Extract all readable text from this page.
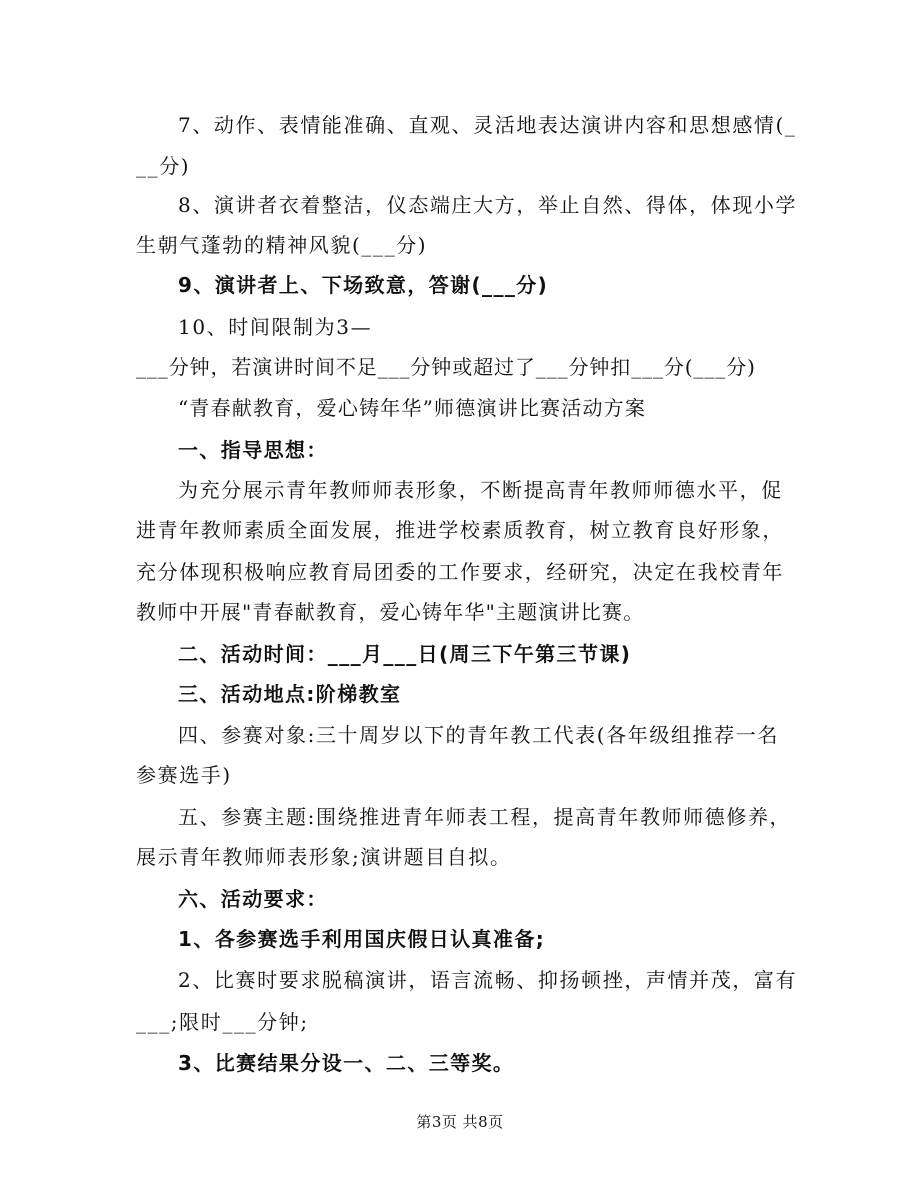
7、动作、表情能准确、直观、灵活地表达演讲内容和思想感情(_
__分)
8、演讲者衣着整洁，仪态端庄大方，举止自然、得体，体现小学
生朝气蓬勃的精神风貌(___分)
9、演讲者上、下场致意，答谢(___分)
10、时间限制为3—
___分钟，若演讲时间不足___分钟或超过了___分钟扣___分(___分)
“青春献教育，爱心铸年华”师德演讲比赛活动方案
一、指导思想：
为充分展示青年教师师表形象，不断提高青年教师师德水平，促
进青年教师素质全面发展，推进学校素质教育，树立教育良好形象，
充分体现积极响应教育局团委的工作要求，经研究，决定在我校青年
教师中开展"青春献教育，爱心铸年华"主题演讲比赛。
二、活动时间：___月___日(周三下午第三节课)
三、活动地点:阶梯教室
四、参赛对象:三十周岁以下的青年教工代表(各年级组推荐一名
参赛选手)
五、参赛主题:围绕推进青年师表工程，提高青年教师师德修养，
展示青年教师师表形象;演讲题目自拟。
六、活动要求：
1、各参赛选手利用国庆假日认真准备;
2、比赛时要求脱稿演讲，语言流畅、抑扬顿挫，声情并茂，富有
___;限时___分钟;
3、比赛结果分设一、二、三等奖。
第3页 共8页
